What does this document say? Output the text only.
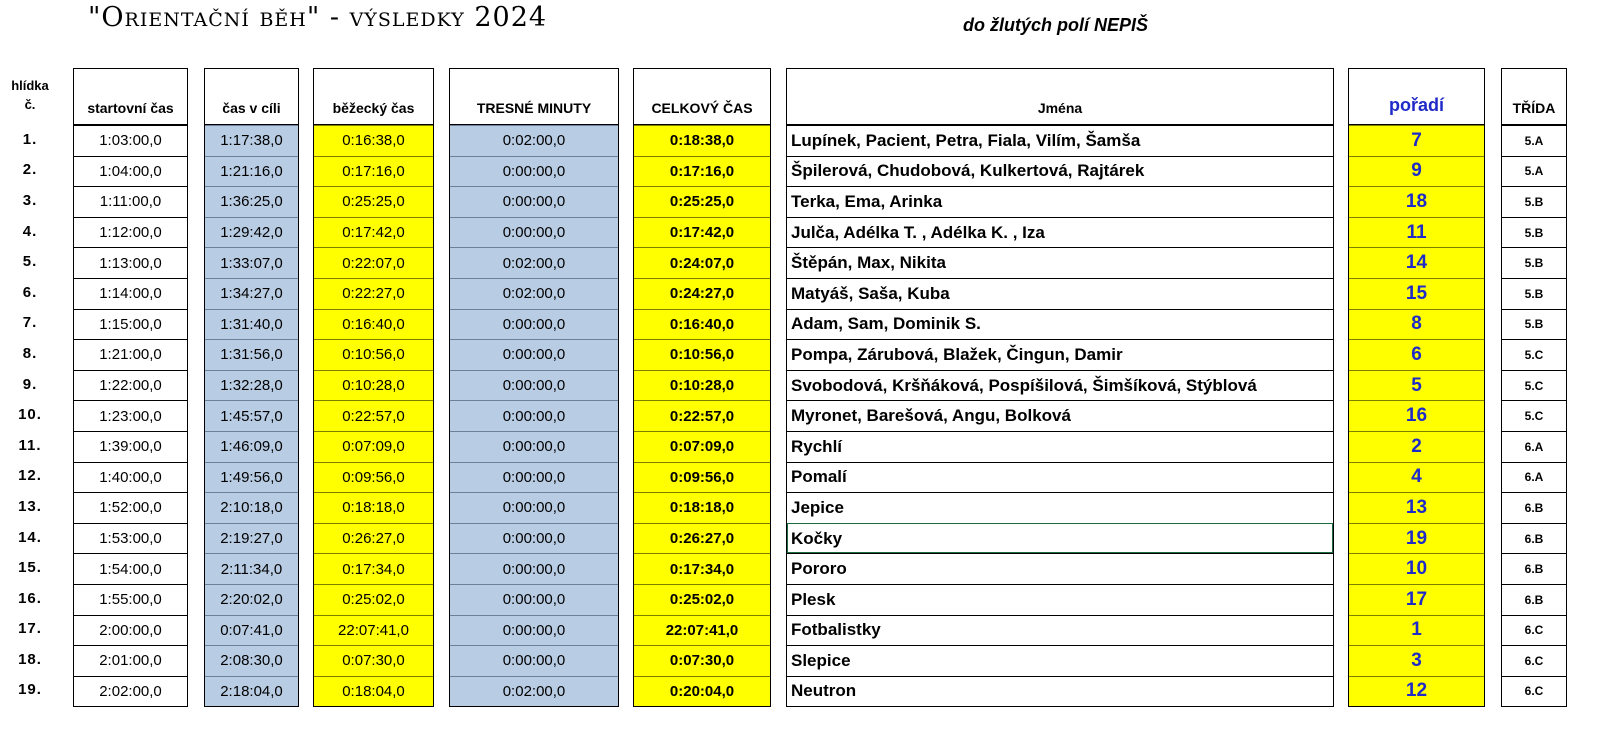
"Orientační běh" - výsledky 2024	do žlutých polí NEPIŠ
hlídka
č.
1.
2.
3.
4.
5.
6.
7.
8.
9.
10.
11.
12.
13.
14.
15.
16.
17.
18.
19.
startovní čas
1:03:00,0
1:04:00,0
1:11:00,0
1:12:00,0
1:13:00,0
1:14:00,0
1:15:00,0
1:21:00,0
1:22:00,0
1:23:00,0
1:39:00,0
1:40:00,0
1:52:00,0
1:53:00,0
1:54:00,0
1:55:00,0
2:00:00,0
2:01:00,0
2:02:00,0
čas v cíli
1:17:38,0
1:21:16,0
1:36:25,0
1:29:42,0
1:33:07,0
1:34:27,0
1:31:40,0
1:31:56,0
1:32:28,0
1:45:57,0
1:46:09,0
1:49:56,0
2:10:18,0
2:19:27,0
2:11:34,0
2:20:02,0
0:07:41,0
2:08:30,0
2:18:04,0
běžecký čas
0:16:38,0
0:17:16,0
0:25:25,0
0:17:42,0
0:22:07,0
0:22:27,0
0:16:40,0
0:10:56,0
0:10:28,0
0:22:57,0
0:07:09,0
0:09:56,0
0:18:18,0
0:26:27,0
0:17:34,0
0:25:02,0
22:07:41,0
0:07:30,0
0:18:04,0
TRESNÉ MINUTY
0:02:00,0
0:00:00,0
0:00:00,0
0:00:00,0
0:02:00,0
0:02:00,0
0:00:00,0
0:00:00,0
0:00:00,0
0:00:00,0
0:00:00,0
0:00:00,0
0:00:00,0
0:00:00,0
0:00:00,0
0:00:00,0
0:00:00,0
0:00:00,0
0:02:00,0
CELKOVÝ ČAS
0:18:38,0
0:17:16,0
0:25:25,0
0:17:42,0
0:24:07,0
0:24:27,0
0:16:40,0
0:10:56,0
0:10:28,0
0:22:57,0
0:07:09,0
0:09:56,0
0:18:18,0
0:26:27,0
0:17:34,0
0:25:02,0
22:07:41,0
0:07:30,0
0:20:04,0
Jména
Lupínek, Pacient, Petra, Fiala, Vilím, Šamša
Špilerová, Chudobová, Kulkertová, Rajtárek
Terka, Ema, Arinka
Julča, Adélka T. , Adélka K. , Iza
Štěpán, Max, Nikita
Matyáš, Saša, Kuba
Adam, Sam, Dominik S.
Pompa, Zárubová, Blažek, Čingun, Damir
Svobodová, Kršňáková, Pospíšilová, Šimšíková, Stýblová
Myronet, Barešová, Angu, Bolková
Rychlí
Pomalí
Jepice
Kočky
Pororo
Plesk
Fotbalistky
Slepice
Neutron
pořadí
7
9
18
11
14
15
8
6
5
16
2
4
13
19
10
17
1
3
12
TŘÍDA
5.A
5.A
5.B
5.B
5.B
5.B
5.B
5.C
5.C
5.C
6.A
6.A
6.B
6.B
6.B
6.B
6.C
6.C
6.C
